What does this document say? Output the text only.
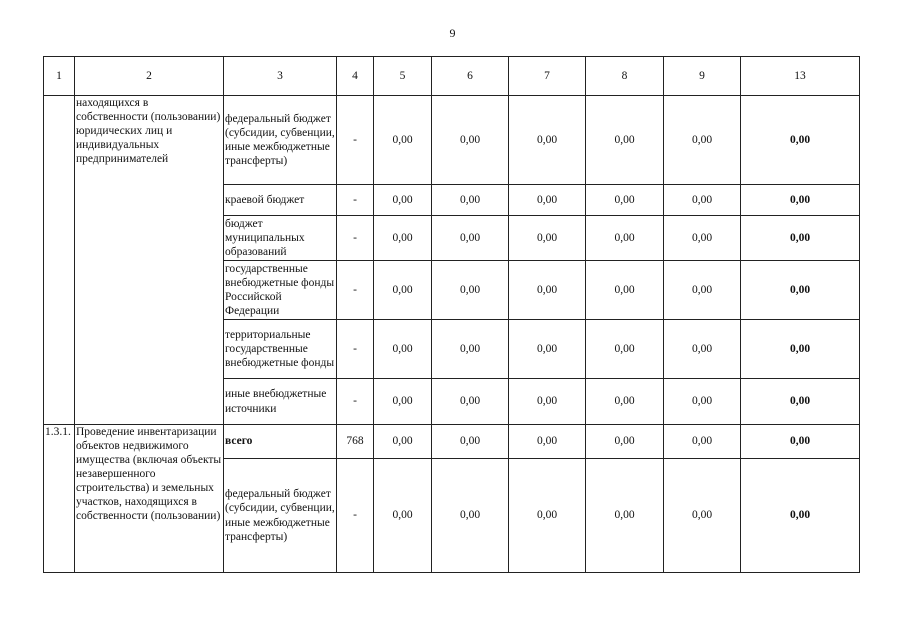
9
1	2	3	4	5	6	7	8	9	13
	находящихся в собственности (пользовании) юридических лиц и индивидуальных предпринимателей	федеральный бюджет (субсидии, субвенции, иные межбюджетные трансферты)	-	0,00	0,00	0,00	0,00	0,00	0,00
		краевой бюджет	-	0,00	0,00	0,00	0,00	0,00	0,00
		бюджет муниципальных образований	-	0,00	0,00	0,00	0,00	0,00	0,00
		государственные внебюджетные фонды Российской Федерации	-	0,00	0,00	0,00	0,00	0,00	0,00
		территориальные государственные внебюджетные фонды	-	0,00	0,00	0,00	0,00	0,00	0,00
		иные внебюджетные источники	-	0,00	0,00	0,00	0,00	0,00	0,00
1.3.1.	Проведение инвентаризации объектов недвижимого имущества (включая объекты незавершенного строительства) и земельных участков, находящихся в собственности (пользовании)	всего	768	0,00	0,00	0,00	0,00	0,00	0,00
		федеральный бюджет (субсидии, субвенции, иные межбюджетные трансферты)	-	0,00	0,00	0,00	0,00	0,00	0,00
